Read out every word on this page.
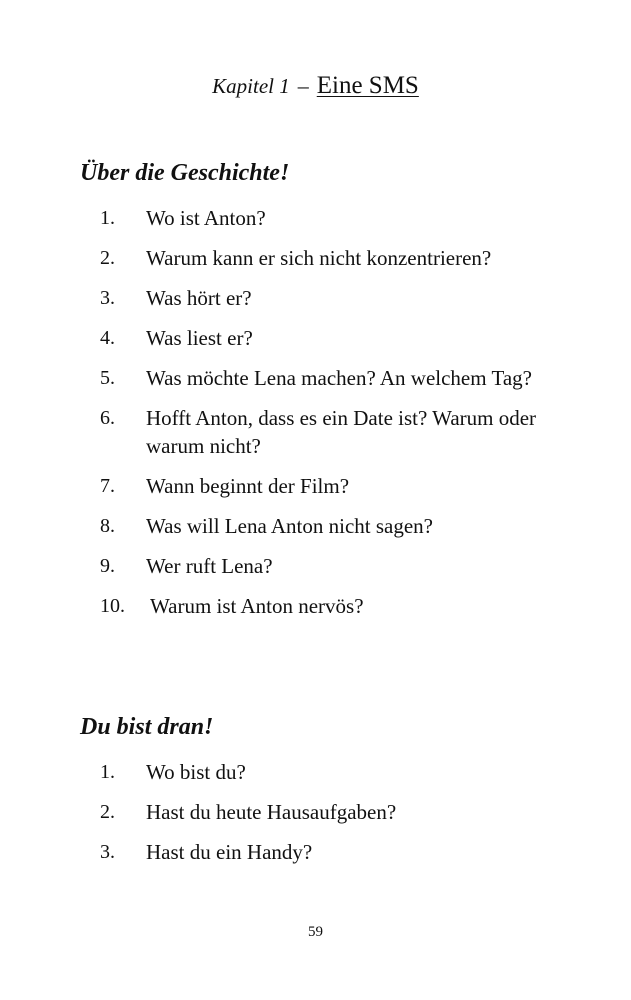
Kapitel 1 – Eine SMS
Über die Geschichte!
1. Wo ist Anton?
2. Warum kann er sich nicht konzentrieren?
3. Was hört er?
4. Was liest er?
5. Was möchte Lena machen? An welchem Tag?
6. Hofft Anton, dass es ein Date ist? Warum oder warum nicht?
7. Wann beginnt der Film?
8. Was will Lena Anton nicht sagen?
9. Wer ruft Lena?
10. Warum ist Anton nervös?
Du bist dran!
1. Wo bist du?
2. Hast du heute Hausaufgaben?
3. Hast du ein Handy?
59
